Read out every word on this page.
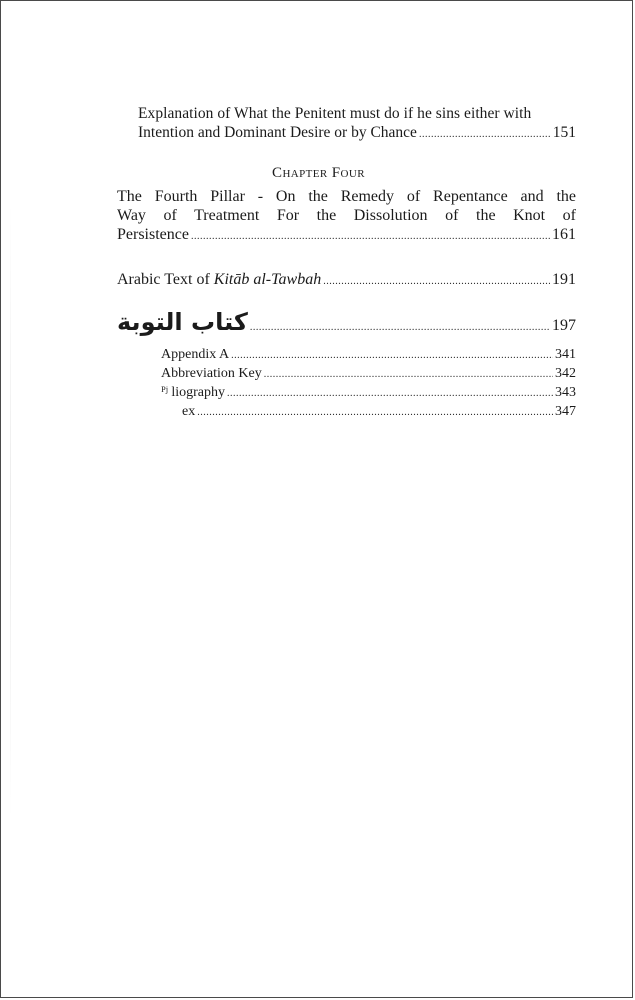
Explanation of What the Penitent must do if he sins either with
Intention and Dominant Desire or by Chance .....	151
Chapter Four
The Fourth Pillar - On the Remedy of Repentance and the
Way of Treatment For the Dissolution of the Knot of
Persistence .....	161
Arabic Text of Kitāb al-Tawbah .....	191
كتاب التوبة .....	197
Appendix A .....	341
Abbreviation Key .....	342
ᴾʲ liography .....	343
ex .....	347
